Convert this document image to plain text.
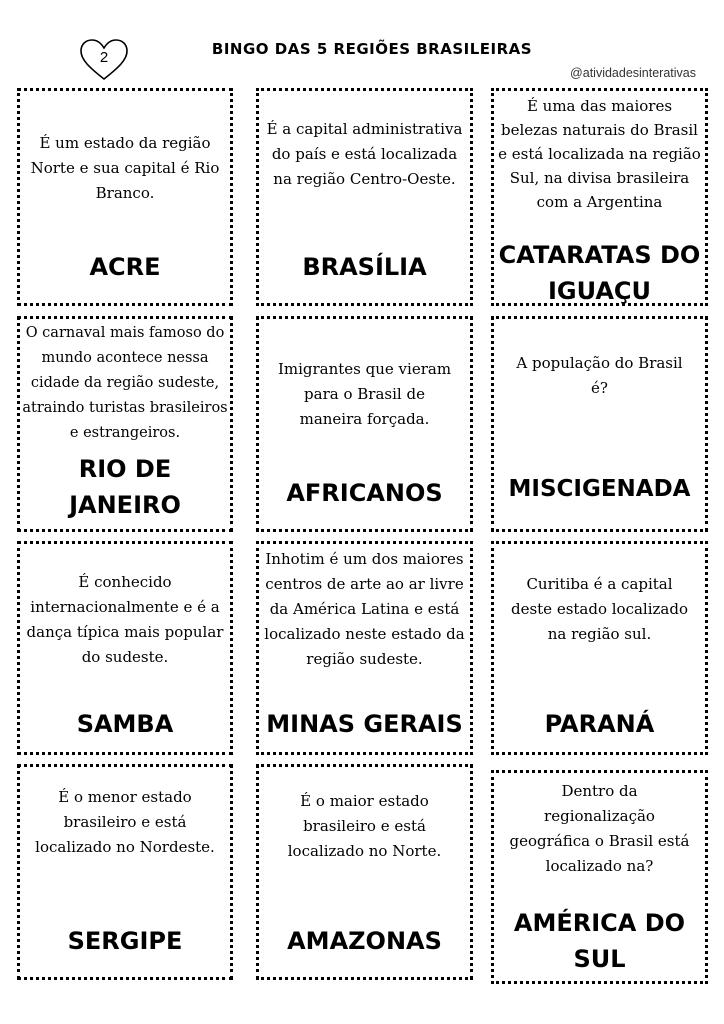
2	BINGO DAS 5 REGIÕES BRASILEIRAS
@atividadesinterativas
É um estado da região Norte e sua capital é Rio Branco.
ACRE
É a capital administrativa do país e está localizada na região Centro-Oeste.
BRASÍLIA
É uma das maiores belezas naturais do Brasil e está localizada na região Sul, na divisa brasileira com a Argentina
CATARATAS DO IGUAÇU
O carnaval mais famoso do mundo acontece nessa cidade da região sudeste, atraindo turistas brasileiros e estrangeiros.
RIO DE JANEIRO
Imigrantes que vieram para o Brasil de maneira forçada.
AFRICANOS
A população do Brasil é?
MISCIGENADA
É conhecido internacionalmente e é a dança típica mais popular do sudeste.
SAMBA
Inhotim é um dos maiores centros de arte ao ar livre da América Latina e está localizado neste estado da região sudeste.
MINAS GERAIS
Curitiba é a capital deste estado localizado na região sul.
PARANÁ
É o menor estado brasileiro e está localizado no Nordeste.
SERGIPE
É o maior estado brasileiro e está localizado no Norte.
AMAZONAS
Dentro da regionalização geográfica o Brasil está localizado na?
AMÉRICA DO SUL
